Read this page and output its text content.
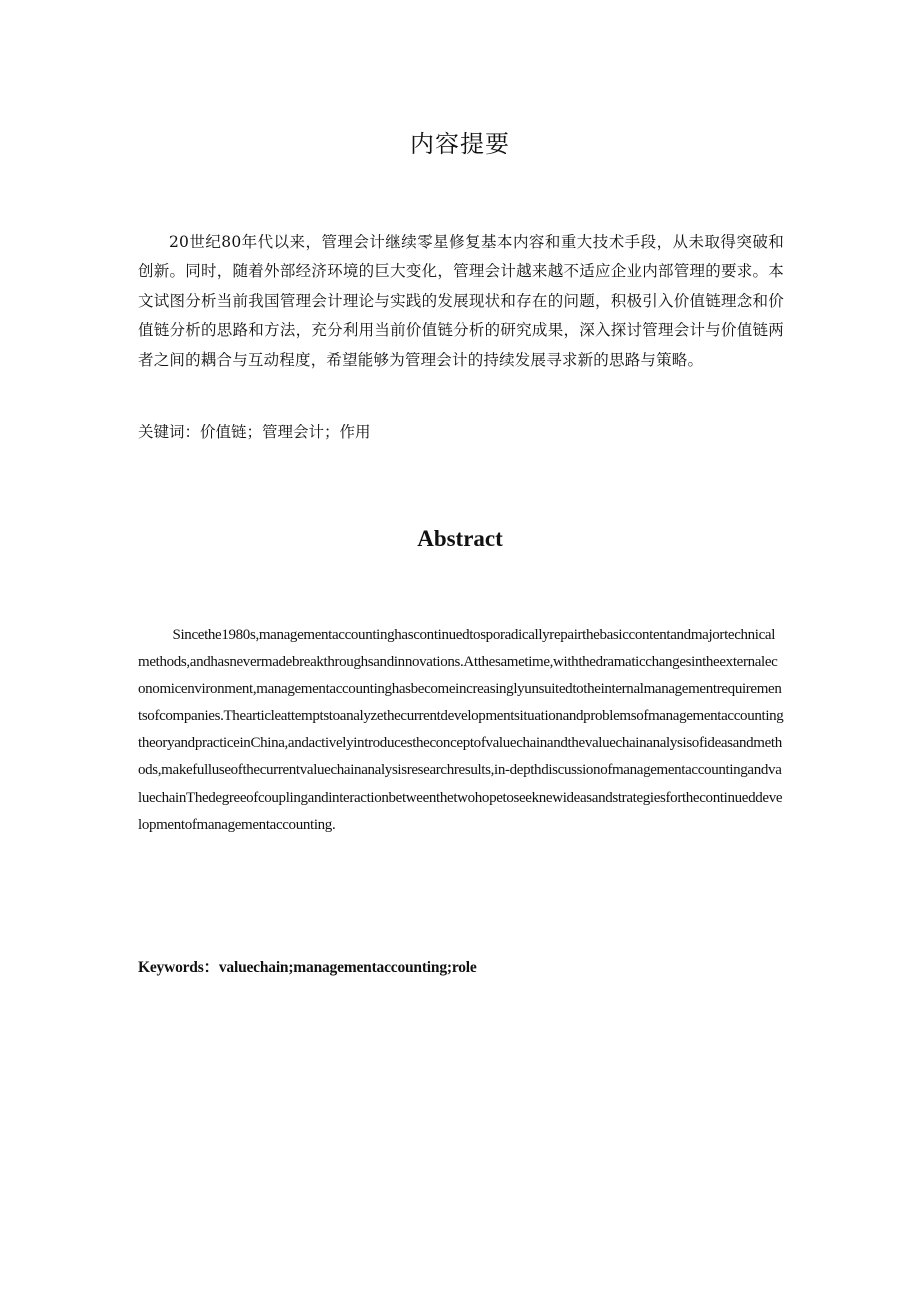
内容提要

20世纪80年代以来，管理会计继续零星修复基本内容和重大技术手段，从未取得突破和创新。同时，随着外部经济环境的巨大变化，管理会计越来越不适应企业内部管理的要求。本文试图分析当前我国管理会计理论与实践的发展现状和存在的问题，积极引入价值链理念和价值链分析的思路和方法，充分利用当前价值链分析的研究成果，深入探讨管理会计与价值链两者之间的耦合与互动程度，希望能够为管理会计的持续发展寻求新的思路与策略。

关键词：价值链；管理会计；作用
Abstract

Sincethe1980s,managementaccountinghascontinuedtosporadicallyrepairthebasiccontentandmajortechnicalmethods,andhasnevermadebreakthroughsandinnovations.Atthesametime,withthedramaticchangesintheexternaleconomicenvironment,managementaccountinghasbecomeincreasinglyunsuitedtotheinternalmanagementrequirementsofcompanies.ThearticleattemptstoanalyzethecurrentdevelopmentsituationandproblemsofmanagementaccountingtheoryandpracticeinChina,andactivelyintroducestheconceptofvaluechainandthevaluechainanalysisofideasandmethods,makefulluseofthecurrentvaluechainanalysisresearchresults,in-depthdiscussionofmanagementaccountingandvaluechainThedegreeofcouplingandinteractionbetweenthetwohopetoseeknewideasandstrategiesforthecontinueddevelopmentofmanagementaccounting.

Keywords：valuechain;managementaccounting;role
